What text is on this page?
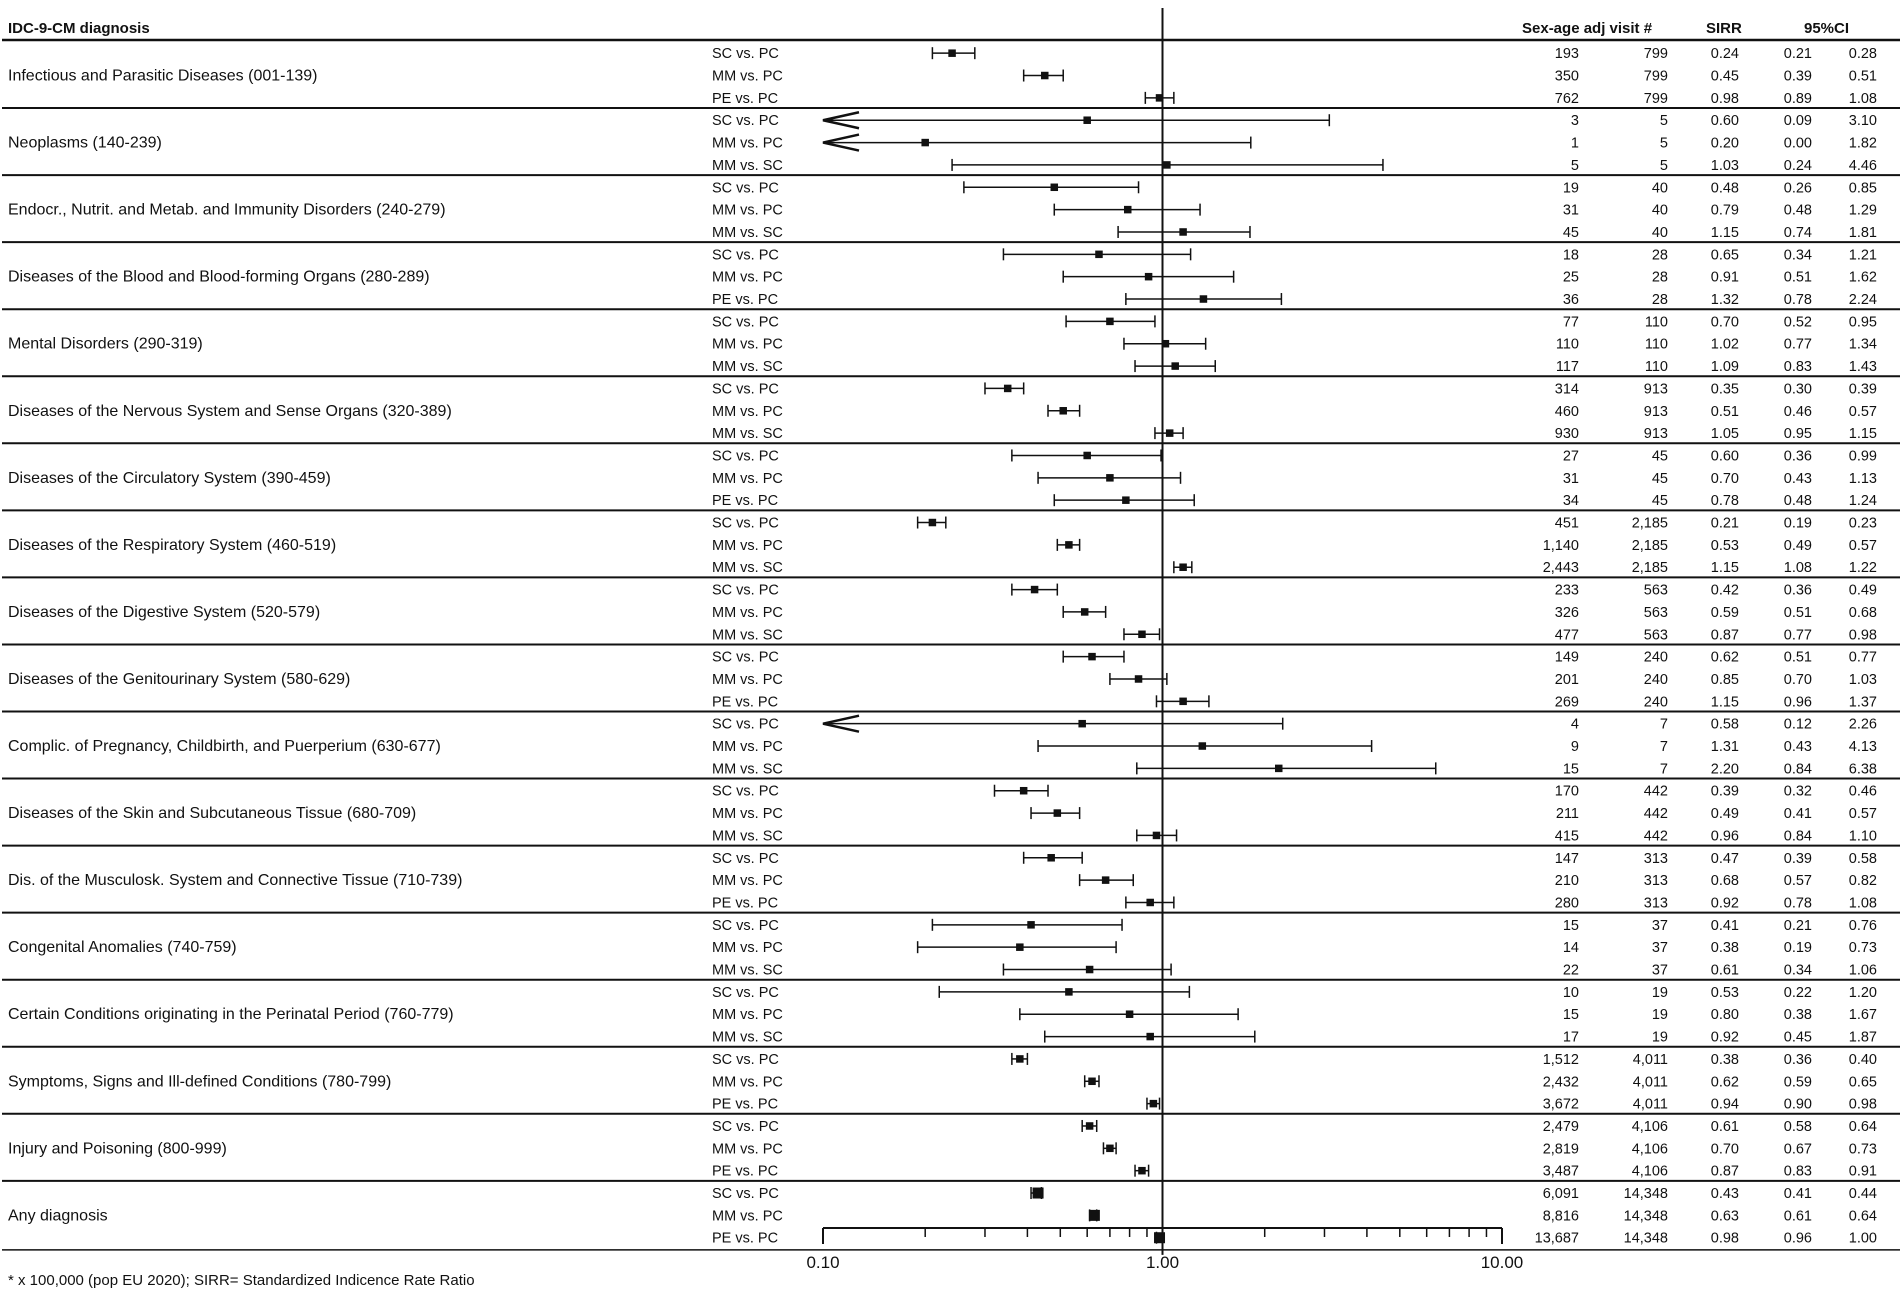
IDC-9-CM diagnosis	Sex-age adj visit #	SIRR	95%CI
Infectious and Parasitic Diseases (001-139)
SC vs. PC	193	799	0.24	0.21	0.28
MM vs. PC	350	799	0.45	0.39	0.51
PE vs. PC	762	799	0.98	0.89	1.08
Neoplasms (140-239)
SC vs. PC	3	5	0.60	0.09	3.10
MM vs. PC	1	5	0.20	0.00	1.82
MM vs. SC	5	5	1.03	0.24	4.46
Endocr., Nutrit. and Metab. and Immunity Disorders (240-279)
SC vs. PC	19	40	0.48	0.26	0.85
MM vs. PC	31	40	0.79	0.48	1.29
MM vs. SC	45	40	1.15	0.74	1.81
Diseases of the Blood and Blood-forming Organs (280-289)
SC vs. PC	18	28	0.65	0.34	1.21
MM vs. PC	25	28	0.91	0.51	1.62
PE vs. PC	36	28	1.32	0.78	2.24
Mental Disorders (290-319)
SC vs. PC	77	110	0.70	0.52	0.95
MM vs. PC	110	110	1.02	0.77	1.34
MM vs. SC	117	110	1.09	0.83	1.43
Diseases of the Nervous System and Sense Organs (320-389)
SC vs. PC	314	913	0.35	0.30	0.39
MM vs. PC	460	913	0.51	0.46	0.57
MM vs. SC	930	913	1.05	0.95	1.15
Diseases of the Circulatory System (390-459)
SC vs. PC	27	45	0.60	0.36	0.99
MM vs. PC	31	45	0.70	0.43	1.13
PE vs. PC	34	45	0.78	0.48	1.24
Diseases of the Respiratory System (460-519)
SC vs. PC	451	2,185	0.21	0.19	0.23
MM vs. PC	1,140	2,185	0.53	0.49	0.57
MM vs. SC	2,443	2,185	1.15	1.08	1.22
Diseases of the Digestive System (520-579)
SC vs. PC	233	563	0.42	0.36	0.49
MM vs. PC	326	563	0.59	0.51	0.68
MM vs. SC	477	563	0.87	0.77	0.98
Diseases of the Genitourinary System (580-629)
SC vs. PC	149	240	0.62	0.51	0.77
MM vs. PC	201	240	0.85	0.70	1.03
PE vs. PC	269	240	1.15	0.96	1.37
Complic. of Pregnancy, Childbirth, and Puerperium (630-677)
SC vs. PC	4	7	0.58	0.12	2.26
MM vs. PC	9	7	1.31	0.43	4.13
MM vs. SC	15	7	2.20	0.84	6.38
Diseases of the Skin and Subcutaneous Tissue (680-709)
SC vs. PC	170	442	0.39	0.32	0.46
MM vs. PC	211	442	0.49	0.41	0.57
MM vs. SC	415	442	0.96	0.84	1.10
Dis. of the Musculosk. System and Connective Tissue (710-739)
SC vs. PC	147	313	0.47	0.39	0.58
MM vs. PC	210	313	0.68	0.57	0.82
PE vs. PC	280	313	0.92	0.78	1.08
Congenital Anomalies (740-759)
SC vs. PC	15	37	0.41	0.21	0.76
MM vs. PC	14	37	0.38	0.19	0.73
MM vs. SC	22	37	0.61	0.34	1.06
Certain Conditions originating in the Perinatal Period (760-779)
SC vs. PC	10	19	0.53	0.22	1.20
MM vs. PC	15	19	0.80	0.38	1.67
MM vs. SC	17	19	0.92	0.45	1.87
Symptoms, Signs and Ill-defined Conditions (780-799)
SC vs. PC	1,512	4,011	0.38	0.36	0.40
MM vs. PC	2,432	4,011	0.62	0.59	0.65
PE vs. PC	3,672	4,011	0.94	0.90	0.98
Injury and Poisoning (800-999)
SC vs. PC	2,479	4,106	0.61	0.58	0.64
MM vs. PC	2,819	4,106	0.70	0.67	0.73
PE vs. PC	3,487	4,106	0.87	0.83	0.91
Any diagnosis
SC vs. PC	6,091	14,348	0.43	0.41	0.44
MM vs. PC	8,816	14,348	0.63	0.61	0.64
PE vs. PC	13,687	14,348	0.98	0.96	1.00
0.10	1.00	10.00
* x 100,000 (pop EU 2020); SIRR= Standardized Indicence Rate Ratio
